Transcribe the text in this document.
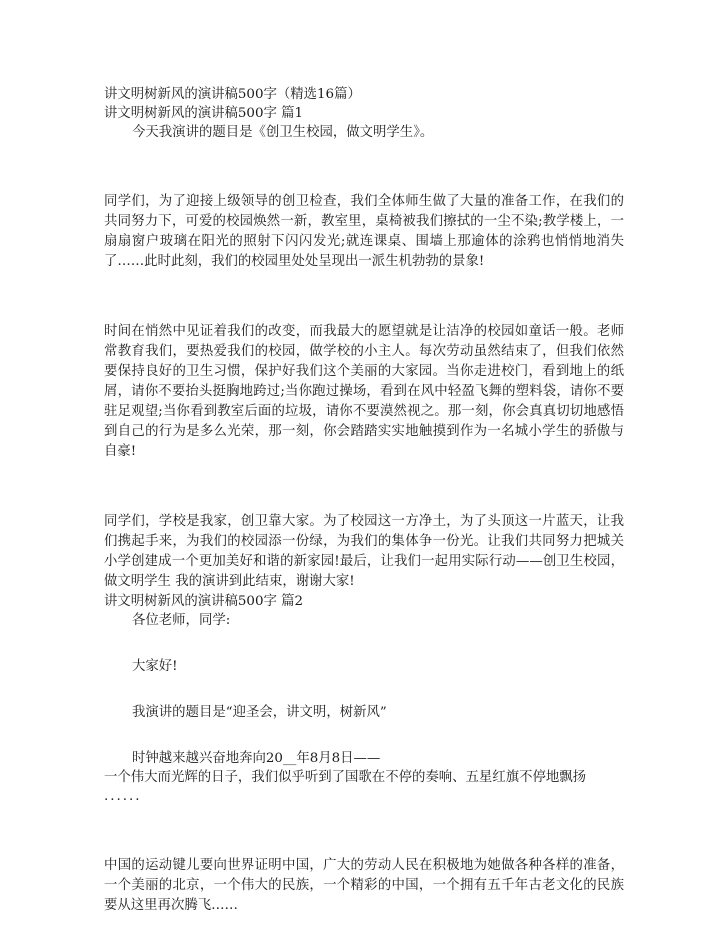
讲文明树新风的演讲稿500字（精选16篇）
讲文明树新风的演讲稿500字 篇1
今天我演讲的题目是《创卫生校园，做文明学生》。
同学们，为了迎接上级领导的创卫检查，我们全体师生做了大量的准备工作，在我们的共同努力下，可爱的校园焕然一新，教室里，桌椅被我们擦拭的一尘不染;教学楼上，一扇扇窗户玻璃在阳光的照射下闪闪发光;就连课桌、围墙上那逾体的涂鸦也悄悄地消失了……此时此刻，我们的校园里处处呈现出一派生机勃勃的景象!
时间在悄然中见证着我们的改变，而我最大的愿望就是让洁净的校园如童话一般。老师常教育我们，要热爱我们的校园，做学校的小主人。每次劳动虽然结束了，但我们依然要保持良好的卫生习惯，保护好我们这个美丽的大家园。当你走进校门，看到地上的纸屑，请你不要抬头挺胸地跨过;当你跑过操场，看到在风中轻盈飞舞的塑料袋，请你不要驻足观望;当你看到教室后面的垃圾，请你不要漠然视之。那一刻，你会真真切切地感悟到自己的行为是多么光荣，那一刻，你会踏踏实实地触摸到作为一名城小学生的骄傲与自豪!
同学们，学校是我家，创卫靠大家。为了校园这一方净土，为了头顶这一片蓝天，让我们携起手来，为我们的校园添一份绿，为我们的集体争一份光。让我们共同努力把城关小学创建成一个更加美好和谐的新家园!最后，让我们一起用实际行动——创卫生校园，做文明学生 我的演讲到此结束，谢谢大家!
讲文明树新风的演讲稿500字 篇2
各位老师，同学:
大家好!
我演讲的题目是“迎圣会，讲文明，树新风”
时钟越来越兴奋地奔向20__年8月8日——
一个伟大而光辉的日子，我们似乎听到了国歌在不停的奏响、五星红旗不停地飘扬
......
中国的运动键儿要向世界证明中国，广大的劳动人民在积极地为她做各种各样的准备，一个美丽的北京，一个伟大的民族，一个精彩的中国，一个拥有五千年古老文化的民族要从这里再次腾飞……
